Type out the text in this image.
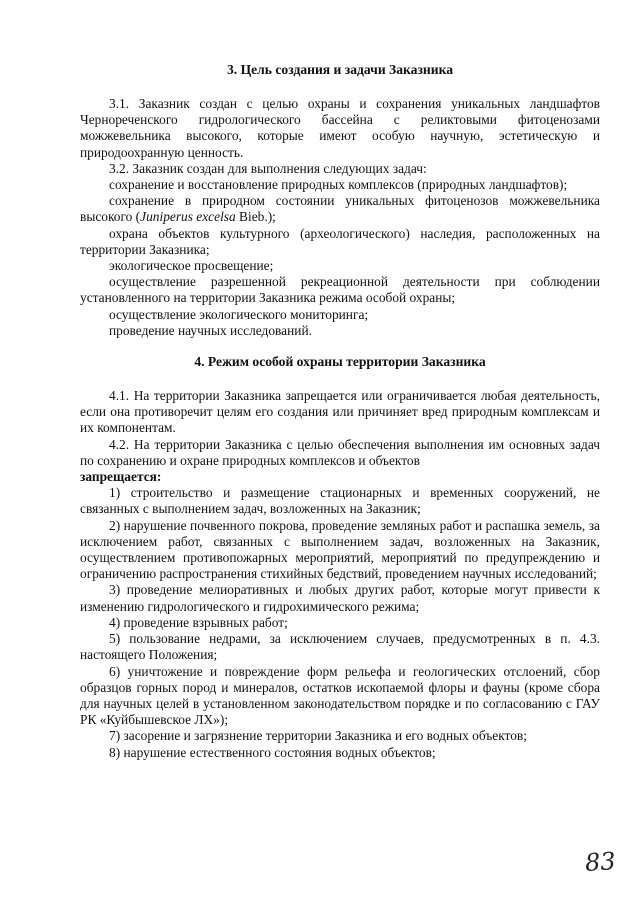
3. Цель создания и задачи Заказника

3.1. Заказник создан с целью охраны и сохранения уникальных ландшафтов Чернореченского гидрологического бассейна с реликтовыми фитоценозами можжевельника высокого, которые имеют особую научную, эстетическую и природоохранную ценность.

3.2. Заказник создан для выполнения следующих задач:

сохранение и восстановление природных комплексов (природных ландшафтов);

сохранение в природном состоянии уникальных фитоценозов можжевельника высокого (Juniperus excelsa Bieb.);

охрана объектов культурного (археологического) наследия, расположенных на территории Заказника;

экологическое просвещение;

осуществление разрешенной рекреационной деятельности при соблюдении установленного на территории Заказника режима особой охраны;

осуществление экологического мониторинга;

проведение научных исследований.

4. Режим особой охраны территории Заказника

4.1. На территории Заказника запрещается или ограничивается любая деятельность, если она противоречит целям его создания или причиняет вред природным комплексам и их компонентам.

4.2. На территории Заказника с целью обеспечения выполнения им основных задач по сохранению и охране природных комплексов и объектов

запрещается:

1) строительство и размещение стационарных и временных сооружений, не связанных с выполнением задач, возложенных на Заказник;

2) нарушение почвенного покрова, проведение земляных работ и распашка земель, за исключением работ, связанных с выполнением задач, возложенных на Заказник, осуществлением противопожарных мероприятий, мероприятий по предупреждению и ограничению распространения стихийных бедствий, проведением научных исследований;

3) проведение мелиоративных и любых других работ, которые могут привести к изменению гидрологического и гидрохимического режима;

4) проведение взрывных работ;

5) пользование недрами, за исключением случаев, предусмотренных в п. 4.3. настоящего Положения;

6) уничтожение и повреждение форм рельефа и геологических отслоений, сбор образцов горных пород и минералов, остатков ископаемой флоры и фауны (кроме сбора для научных целей в установленном законодательством порядке и по согласованию с ГАУ РК «Куйбышевское ЛХ»);

7) засорение и загрязнение территории Заказника и его водных объектов;

8) нарушение естественного состояния водных объектов;

83
